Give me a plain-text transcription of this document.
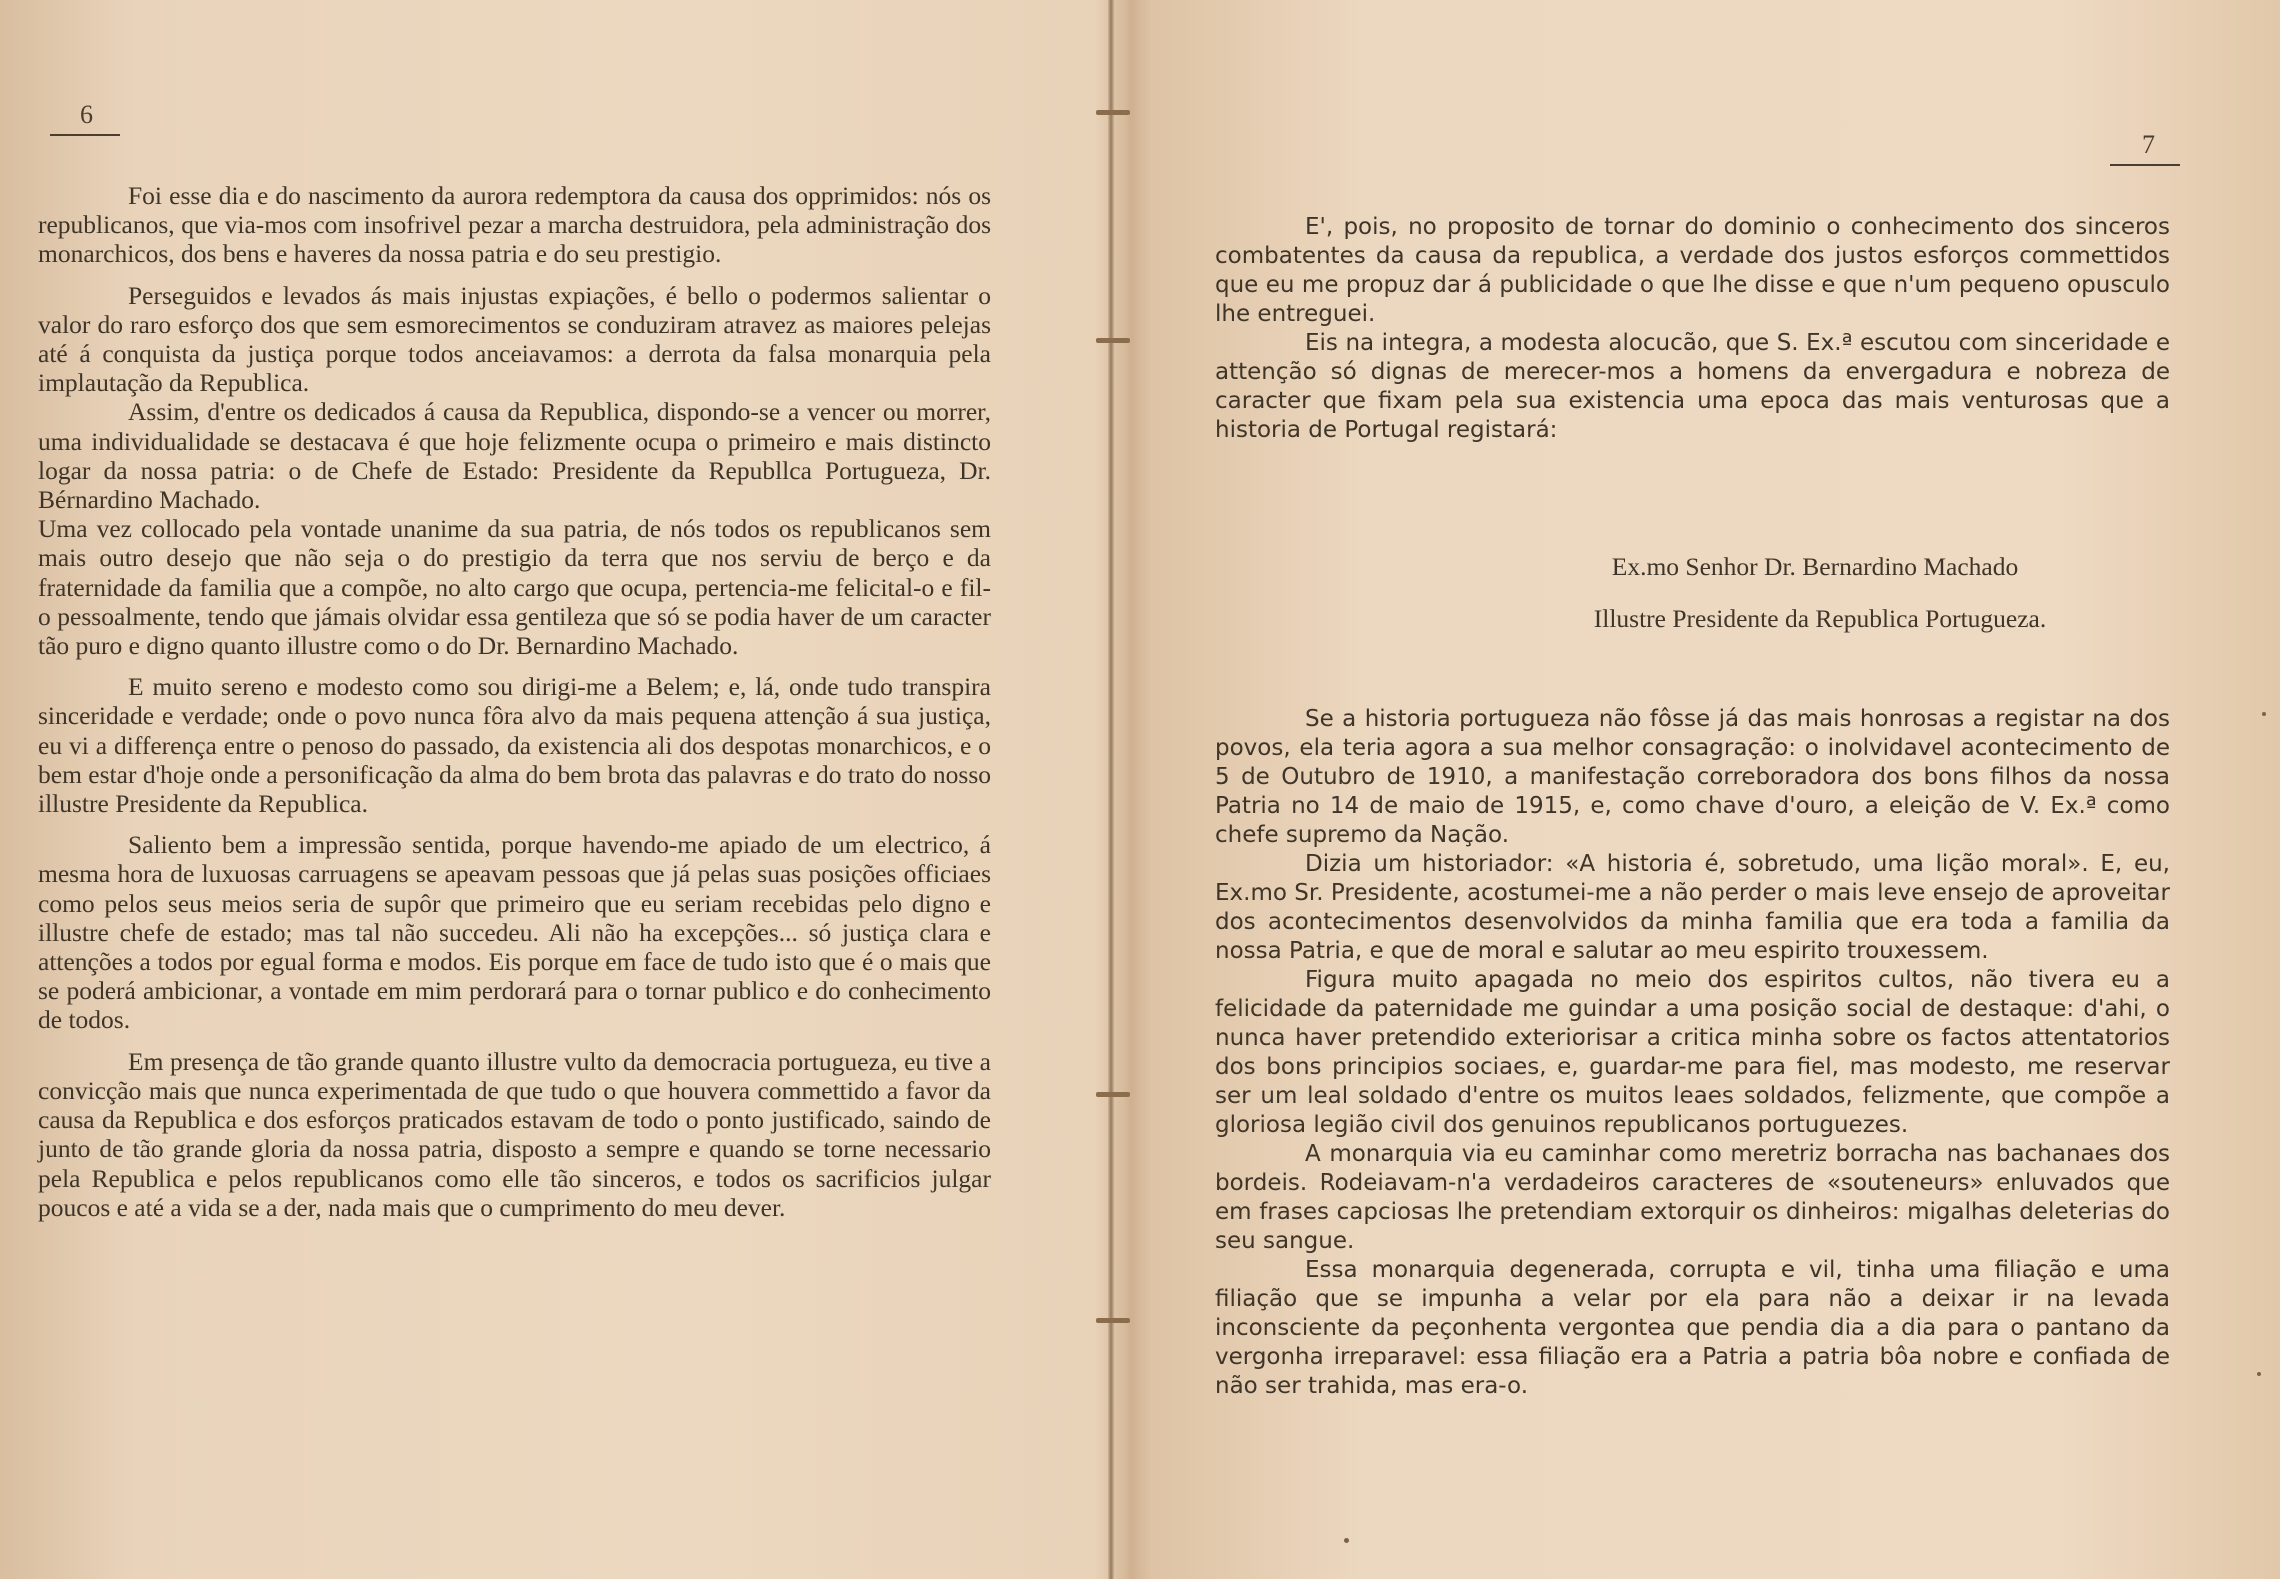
6

Foi esse dia e do nascimento da aurora redemptora da causa dos opprimidos: nós os republicanos, que via-mos com insofrivel pezar a marcha destruidora, pela administração dos monarchicos, dos bens e haveres da nossa patria e do seu prestigio.

Perseguidos e levados ás mais injustas expiações, é bello o podermos salientar o valor do raro esforço dos que sem esmorecimentos se conduziram atravez as maiores pelejas até á conquista da justiça porque todos anceiavamos: a derrota da falsa monarquia pela implautação da Republica.

Assim, d'entre os dedicados á causa da Republica, dispondo-se a vencer ou morrer, uma individualidade se destacava é que hoje felizmente ocupa o primeiro e mais distincto logar da nossa patria: o de Chefe de Estado: Presidente da Republlca Portugueza, Dr. Bérnardino Machado.

Uma vez collocado pela vontade unanime da sua patria, de nós todos os republicanos sem mais outro desejo que não seja o do prestigio da terra que nos serviu de berço e da fraternidade da familia que a compõe, no alto cargo que ocupa, pertencia-me felicital-o e fil-o pessoalmente, tendo que jámais olvidar essa gentileza que só se podia haver de um caracter tão puro e digno quanto illustre como o do Dr. Bernardino Machado.

E muito sereno e modesto como sou dirigi-me a Belem; e, lá, onde tudo transpira sinceridade e verdade; onde o povo nunca fôra alvo da mais pequena attenção á sua justiça, eu vi a differença entre o penoso do passado, da existencia ali dos despotas monarchicos, e o bem estar d'hoje onde a personificação da alma do bem brota das palavras e do trato do nosso illustre Presidente da Republica.

Saliento bem a impressão sentida, porque havendo-me apiado de um electrico, á mesma hora de luxuosas carruagens se apeavam pessoas que já pelas suas posições officiaes como pelos seus meios seria de supôr que primeiro que eu seriam recebidas pelo digno e illustre chefe de estado; mas tal não succedeu. Ali não ha excepções... só justiça clara e attenções a todos por egual forma e modos. Eis porque em face de tudo isto que é o mais que se poderá ambicionar, a vontade em mim perdorará para o tornar publico e do conhecimento de todos.

Em presença de tão grande quanto illustre vulto da democracia portugueza, eu tive a convicção mais que nunca experimentada de que tudo o que houvera commettido a favor da causa da Republica e dos esforços praticados estavam de todo o ponto justificado, saindo de junto de tão grande gloria da nossa patria, disposto a sempre e quando se torne necessario pela Republica e pelos republicanos como elle tão sinceros, e todos os sacrificios julgar poucos e até a vida se a der, nada mais que o cumprimento do meu dever.

7

E', pois, no proposito de tornar do dominio o conhecimento dos sinceros combatentes da causa da republica, a verdade dos justos esforços commettidos que eu me propuz dar á publicidade o que lhe disse e que n'um pequeno opusculo lhe entreguei.

Eis na integra, a modesta alocucão, que S. Ex.ª escutou com sinceridade e attenção só dignas de merecer-mos a homens da envergadura e nobreza de caracter que fixam pela sua existencia uma epoca das mais venturosas que a historia de Portugal registará:

Ex.mo Senhor Dr. Bernardino Machado
Illustre Presidente da Republica Portugueza.

Se a historia portugueza não fôsse já das mais honrosas a registar na dos povos, ela teria agora a sua melhor consagração: o inolvidavel acontecimento de 5 de Outubro de 1910, a manifestação correboradora dos bons filhos da nossa Patria no 14 de maio de 1915, e, como chave d'ouro, a eleição de V. Ex.ª como chefe supremo da Nação.

Dizia um historiador: «A historia é, sobretudo, uma lição moral». E, eu, Ex.mo Sr. Presidente, acostumei-me a não perder o mais leve ensejo de aproveitar dos acontecimentos desenvolvidos da minha familia que era toda a familia da nossa Patria, e que de moral e salutar ao meu espirito trouxessem.

Figura muito apagada no meio dos espiritos cultos, não tivera eu a felicidade da paternidade me guindar a uma posição social de destaque: d'ahi, o nunca haver pretendido exteriorisar a critica minha sobre os factos attentatorios dos bons principios sociaes, e, guardar-me para fiel, mas modesto, me reservar ser um leal soldado d'entre os muitos leaes soldados, felizmente, que compõe a gloriosa legião civil dos genuinos republicanos portuguezes.

A monarquia via eu caminhar como meretriz borracha nas bachanaes dos bordeis. Rodeiavam-n'a verdadeiros caracteres de «souteneurs» enluvados que em frases capciosas lhe pretendiam extorquir os dinheiros: migalhas deleterias do seu sangue.

Essa monarquia degenerada, corrupta e vil, tinha uma filiação e uma filiação que se impunha a velar por ela para não a deixar ir na levada inconsciente da peçonhenta vergontea que pendia dia a dia para o pantano da vergonha irreparavel: essa filiação era a Patria a patria bôa nobre e confiada de não ser trahida, mas era-o.
